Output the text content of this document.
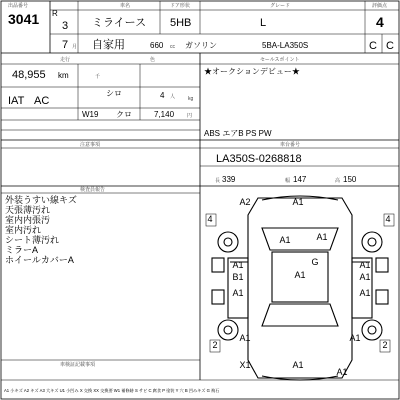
出品番号	車名	ドア形状	グレード	評価点
3041 R
3 ミライース 5HB	L	4
7 月 自家用	660 cc ガソリン	5BA-LA350S	C C
走行	色	セールスポイント
48,955 km	千
シロ	4 人	kg
IAT AC
W19 クロ	7,140	円
★オークションデビュー★
ABS エアB PS PW
注意事項	車台番号
LA350S-0268818
長 339	幅 147	高 150
検査員報告
外装うすい線キズ
天張薄汚れ
室内内張汚
室内汚れ
シート薄汚れ
ミラーA
ホイールカバーA
車検証記載事項
A2	A1
A1
A1
G
A1	A1
B1	A1	A1
A1	A1
A1	A1
X1	A1
A1
4	4
2	2
A1 小キズ A2 キズ A3 大キズ U1 小凹み X 交換 XX 交換要 W1 補修跡 S サビ C 腐食 P 塗装 Y 穴 B 凹みキズ G 飛石
